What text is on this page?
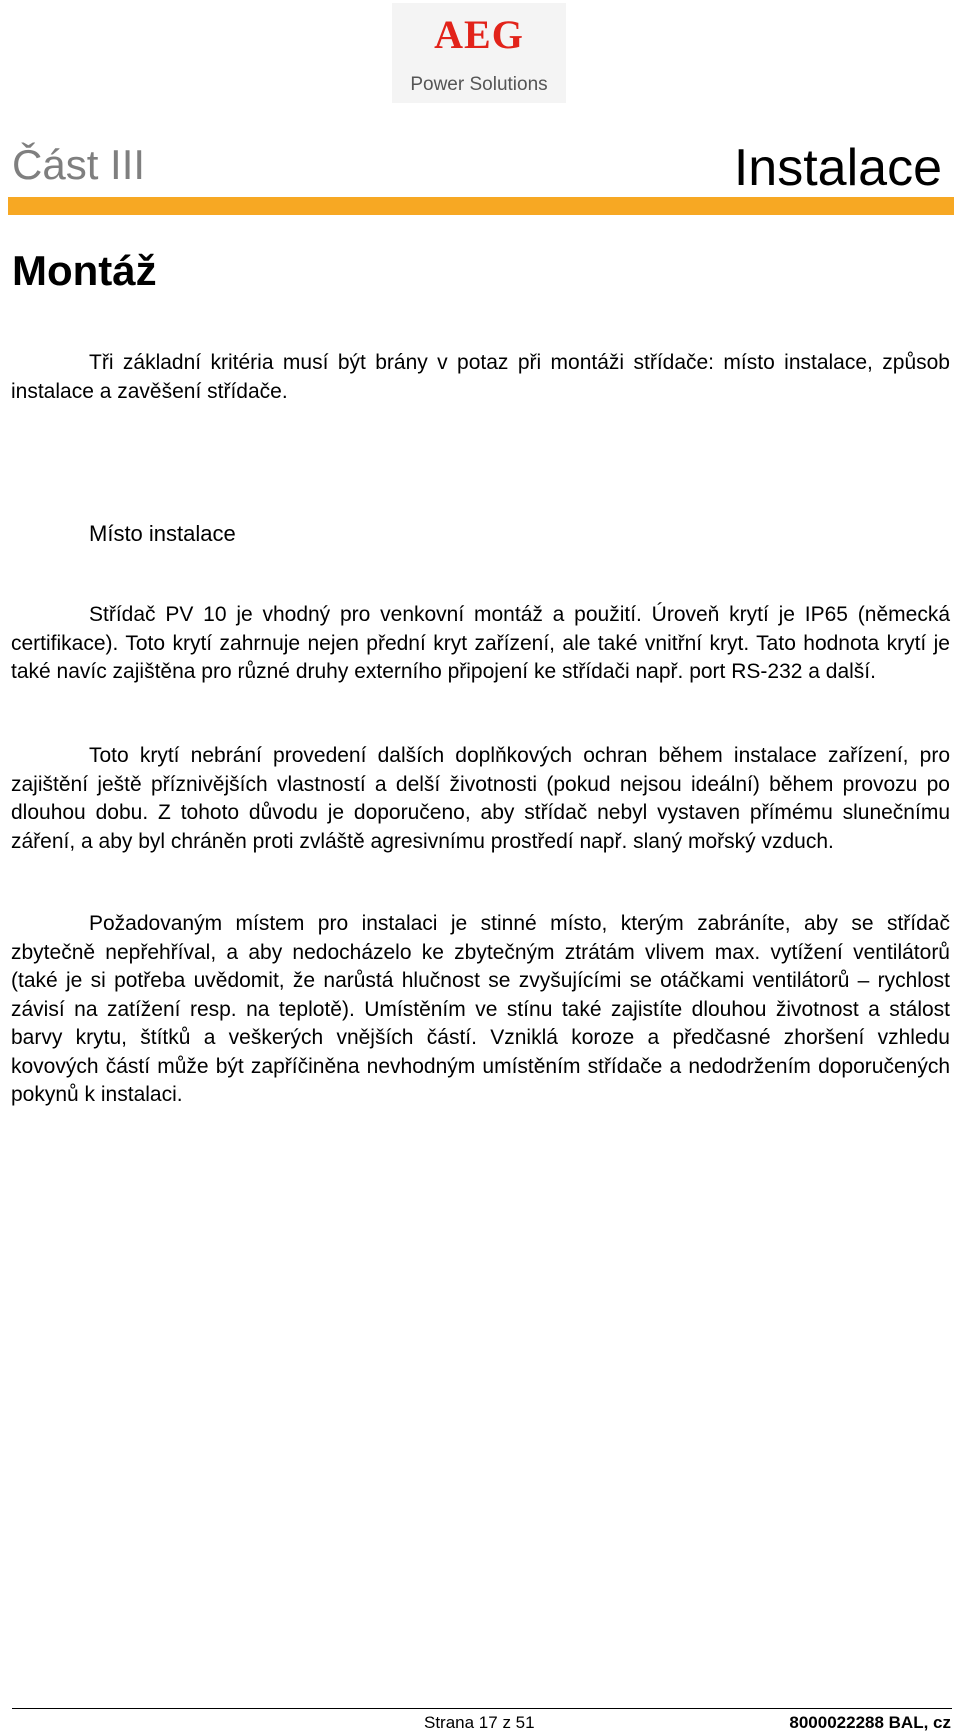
AEG
Power Solutions
Část III	Instalace
Montáž

Tři základní kritéria musí být brány v potaz při montáži střídače: místo instalace, způsob instalace a zavěšení střídače.

Místo instalace

Střídač PV 10 je vhodný pro venkovní montáž a použití. Úroveň krytí je IP65 (německá certifikace). Toto krytí zahrnuje nejen přední kryt zařízení, ale také vnitřní kryt. Tato hodnota krytí je také navíc zajištěna pro různé druhy externího připojení ke střídači např. port RS-232 a další.

Toto krytí nebrání provedení dalších doplňkových ochran během instalace zařízení, pro zajištění ještě příznivějších vlastností a delší životnosti (pokud nejsou ideální) během provozu po dlouhou dobu. Z tohoto důvodu je doporučeno, aby střídač nebyl vystaven přímému slunečnímu záření, a aby byl chráněn proti zvláště agresivnímu prostředí např. slaný mořský vzduch.

Požadovaným místem pro instalaci je stinné místo, kterým zabráníte, aby se střídač zbytečně nepřehříval, a aby nedocházelo ke zbytečným ztrátám vlivem max. vytížení ventilátorů (také je si potřeba uvědomit, že narůstá hlučnost se zvyšujícími se otáčkami ventilátorů – rychlost závisí na zatížení resp. na teplotě). Umístěním ve stínu také zajistíte dlouhou životnost a stálost barvy krytu, štítků a veškerých vnějších částí. Vzniklá koroze a předčasné zhoršení vzhledu kovových částí může být zapříčiněna nevhodným umístěním střídače a nedodržením doporučených pokynů k instalaci.

Strana 17 z 51	8000022288 BAL, cz
